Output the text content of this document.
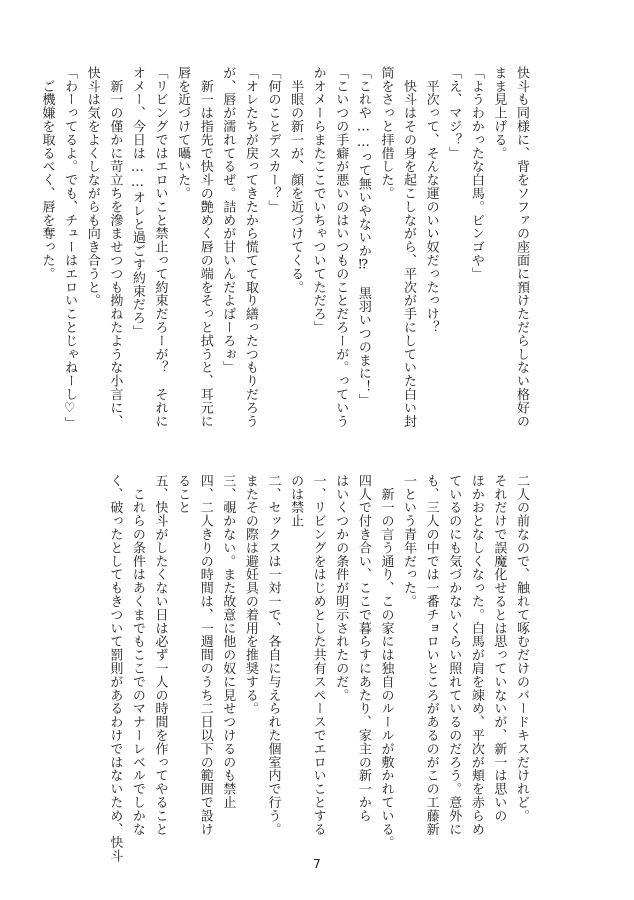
快斗も同様に、背をソファの座面に預けただらしない格好の
まま見上げる。
「ようわかったな白馬。ビンゴや」
「え、マジ？」
　平次って、そんな運のいい奴だったっけ？
　快斗はその身を起こしながら、平次が手にしていた白い封
筒をさっと拝借した。
「これや……って無いやないか⁉　黒羽いつのまに！」
「こいつの手癖が悪いのはいつものことだろーが。っていう
かオメーらまたここでいちゃついてただろ」
　半眼の新一が、顔を近づけてくる。
「何のことデスカー？」
「オレたちが戻ってきたから慌てて取り繕ったつもりだろう
が、唇が濡れてるぜ。詰めが甘いんだよばーろぉ」
　新一は指先で快斗の艶めく唇の端をそっと拭うと、耳元に
唇を近づけて囁いた。
「リビングではエロいこと禁止って約束だろーが？　それに
オメー、今日は……オレと過ごす約束だろ」
　新一の僅かに苛立ちを滲ませつつも拗ねたような小言に、
快斗は気をよくしながらも向き合うと。
「わーってるよ。でも、チューはエロいことじゃねーし♡」
　ご機嫌を取るべく、唇を奪った。
二人の前なので、触れて啄むだけのバードキスだけれど。
それだけで誤魔化せるとは思っていないが、新一は思いの
ほかおとなしくなった。白馬が肩を竦め、平次が頬を赤らめ
ているのにも気づかないくらい照れているのだろう。意外に
も、三人の中では一番チョロいところがあるのがこの工藤新
一という青年だった。
　新一の言う通り、この家には独自のルールが敷かれている。
四人で付き合い、ここで暮らすにあたり、家主の新一から
はいくつかの条件が明示されたのだ。
一、リビングをはじめとした共有スペースでエロいことする
のは禁止
二、セックスは一対一で、各自に与えられた個室内で行う。
またその際は避妊具の着用を推奨する。
三、覗かない。また故意に他の奴に見せつけるのも禁止
四、二人きりの時間は、一週間のうち二日以下の範囲で設け
ること
五、快斗がしたくない日は必ず一人の時間を作ってやること
　これらの条件はあくまでもここでのマナーレベルでしかな
く、破ったとしてもきついて罰則があるわけではないため、快斗
7
